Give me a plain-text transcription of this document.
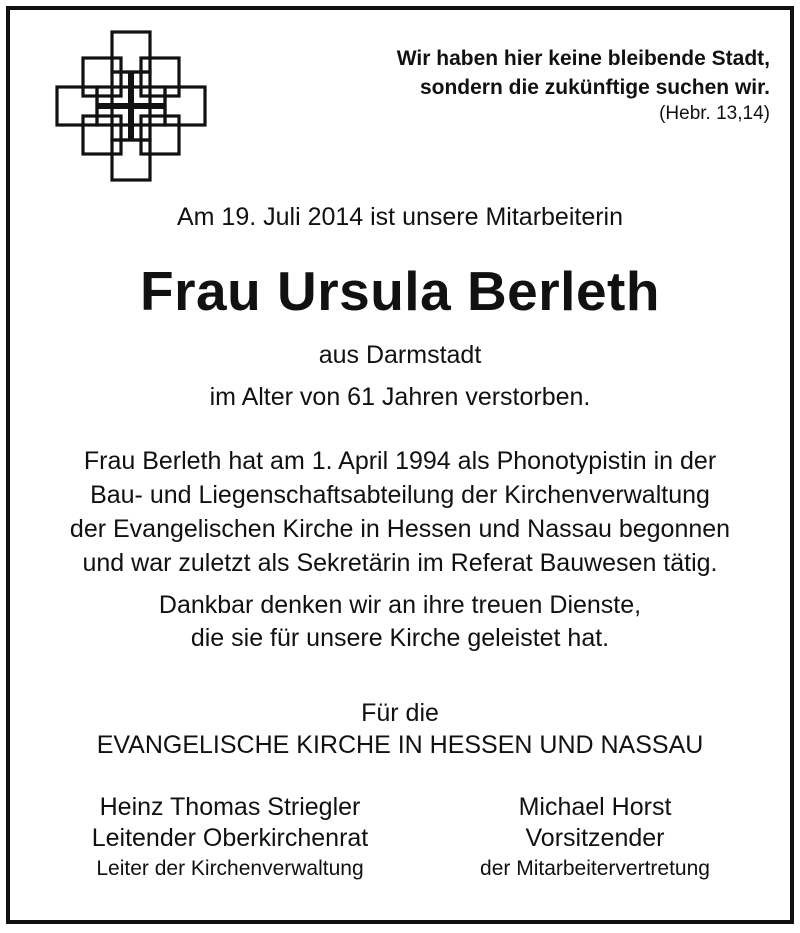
Wir haben hier keine bleibende Stadt,
sondern die zukünftige suchen wir.
(Hebr. 13,14)
Am 19. Juli 2014 ist unsere Mitarbeiterin
Frau Ursula Berleth
aus Darmstadt
im Alter von 61 Jahren verstorben.
Frau Berleth hat am 1. April 1994 als Phonotypistin in der
Bau- und Liegenschaftsabteilung der Kirchenverwaltung
der Evangelischen Kirche in Hessen und Nassau begonnen
und war zuletzt als Sekretärin im Referat Bauwesen tätig.
Dankbar denken wir an ihre treuen Dienste,
die sie für unsere Kirche geleistet hat.
Für die
EVANGELISCHE KIRCHE IN HESSEN UND NASSAU
Heinz Thomas Striegler
Leitender Oberkirchenrat
Leiter der Kirchenverwaltung
Michael Horst
Vorsitzender
der Mitarbeitervertretung
